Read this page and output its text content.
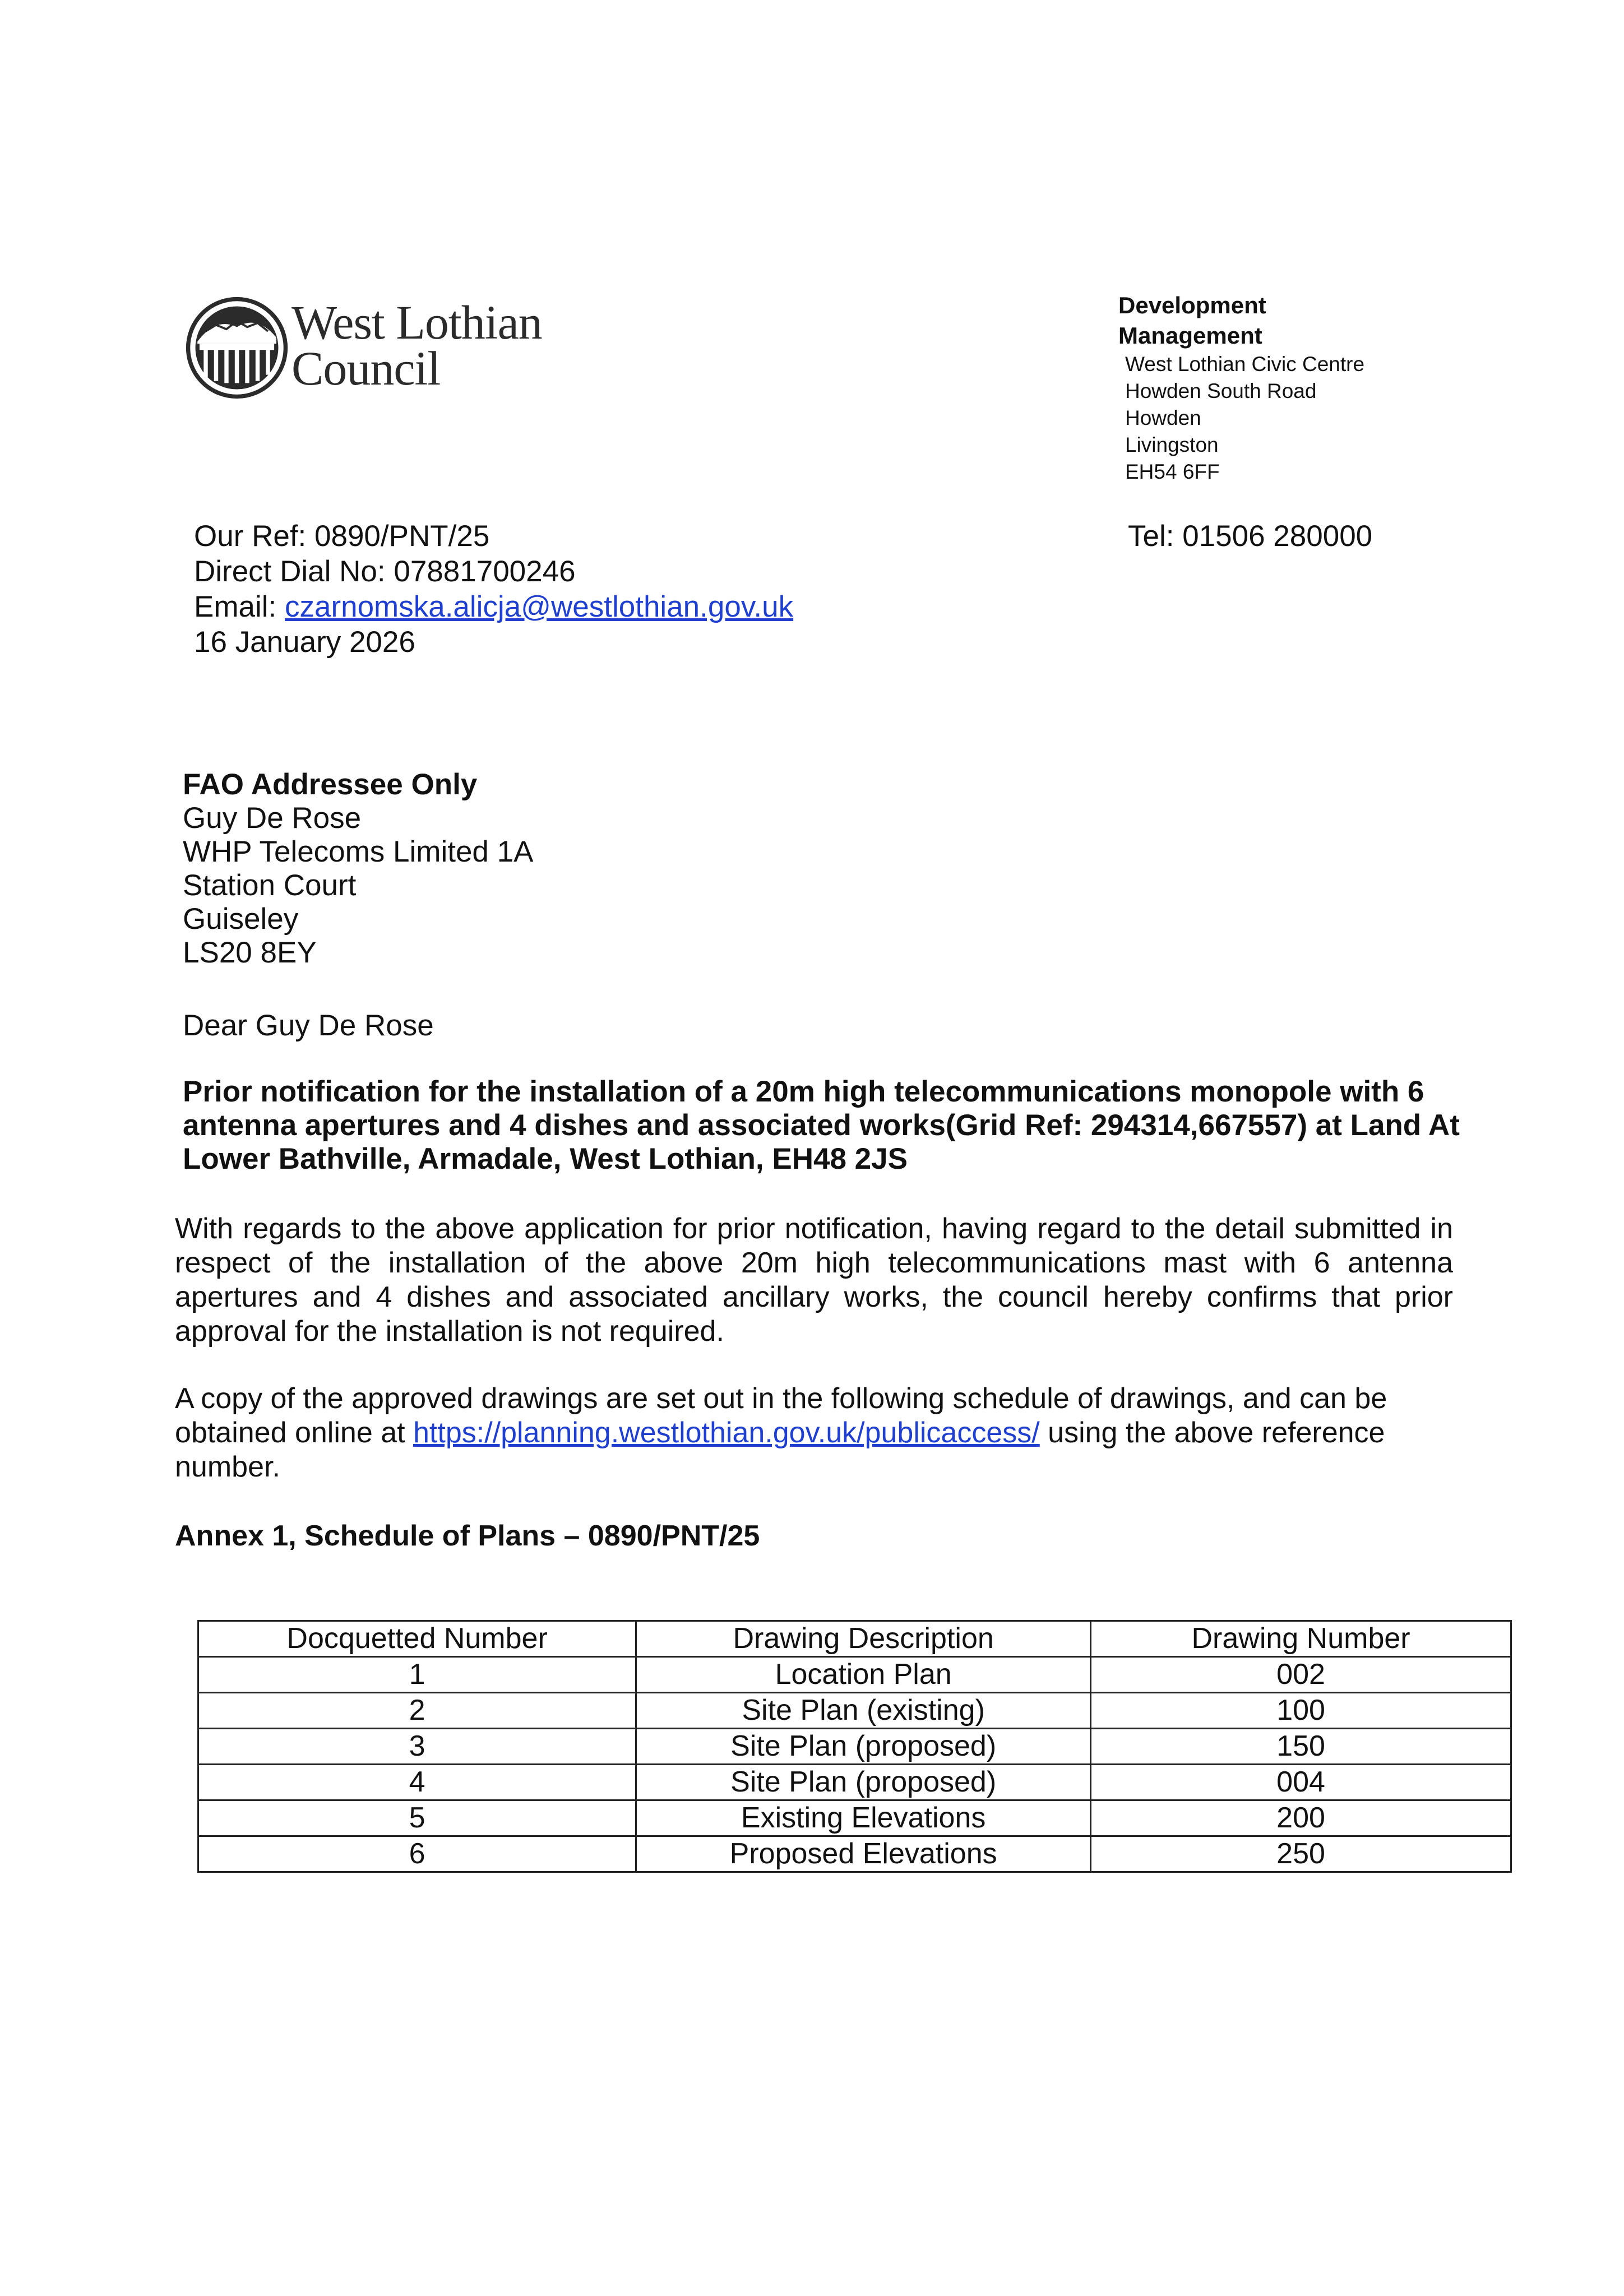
West Lothian
Council
Development
Management
West Lothian Civic Centre
Howden South Road
Howden
Livingston
EH54 6FF
Our Ref: 0890/PNT/25
Direct Dial No: 07881700246
Email: czarnomska.alicja@westlothian.gov.uk
16 January 2026
Tel: 01506 280000
FAO Addressee Only
Guy De Rose
WHP Telecoms Limited 1A
Station Court
Guiseley
LS20 8EY
Dear Guy De Rose
Prior notification for the installation of a 20m high telecommunications monopole with 6 antenna apertures and 4 dishes and associated works(Grid Ref: 294314,667557) at Land At Lower Bathville, Armadale, West Lothian, EH48 2JS
With regards to the above application for prior notification, having regard to the detail submitted in respect of the installation of the above 20m high telecommunications mast with 6 antenna apertures and 4 dishes and associated ancillary works, the council hereby confirms that prior approval for the installation is not required.
A copy of the approved drawings are set out in the following schedule of drawings, and can be obtained online at https://planning.westlothian.gov.uk/publicaccess/ using the above reference number.
Annex 1, Schedule of Plans – 0890/PNT/25
Docquetted Number	Drawing Description	Drawing Number
1	Location Plan	002
2	Site Plan (existing)	100
3	Site Plan (proposed)	150
4	Site Plan (proposed)	004
5	Existing Elevations	200
6	Proposed Elevations	250
